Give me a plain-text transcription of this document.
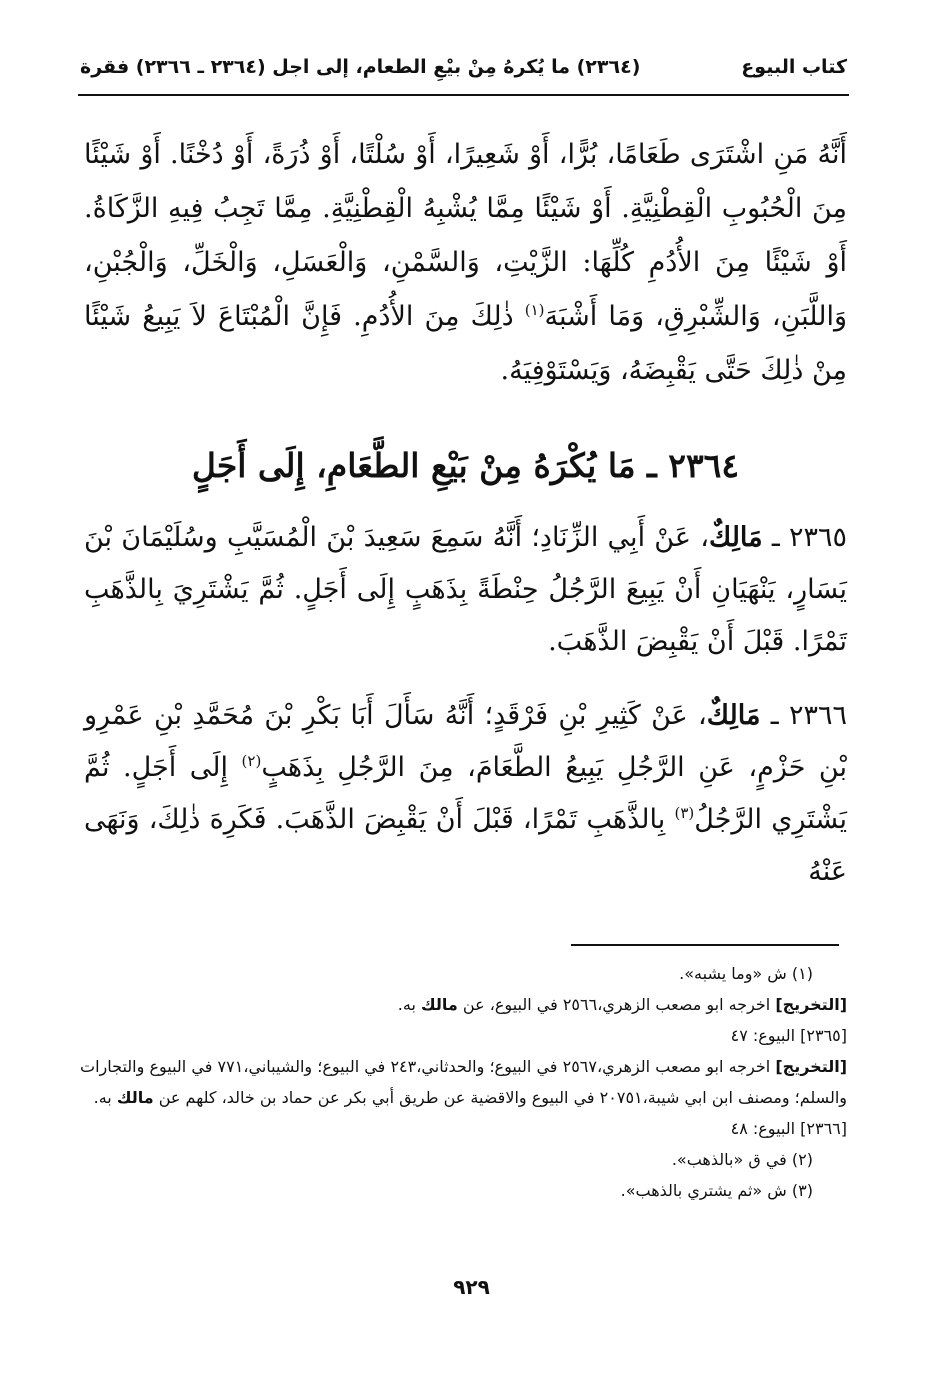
كتاب البيوع
(٢٣٦٤) ما يُكرهُ مِنْ بيْعِ الطعام، إلى اجل (٢٣٦٤ ـ ٢٣٦٦) فقرة

أَنَّهُ مَنِ اشْتَرَى طَعَامًا، بُرًّا، أَوْ شَعِيرًا، أَوْ سُلْتًا، أَوْ ذُرَةً، أَوْ دُخْنًا. أَوْ شَيْئًا مِنَ الْحُبُوبِ الْقِطْنِيَّةِ. أَوْ شَيْئًا مِمَّا يُشْبِهُ الْقِطْنِيَّةِ. مِمَّا تَجِبُ فِيهِ الزَّكَاةُ. أَوْ شَيْئًا مِنَ الأُدُمِ كُلِّهَا: الزَّيْتِ، وَالسَّمْنِ، وَالْعَسَلِ، وَالْخَلِّ، وَالْجُبْنِ، وَاللَّبَنِ، وَالشِّبْرِقِ، وَمَا أَشْبَهَ$^{(١)}$ ذٰلِكَ مِنَ الأُدُمِ. فَإِنَّ الْمُبْتَاعَ لاَ يَبِيعُ شَيْئًا مِنْ ذٰلِكَ حَتَّى يَقْبِضَهُ، وَيَسْتَوْفِيَهُ.

٢٣٦٤ ـ مَا يُكْرَهُ مِنْ بَيْعِ الطَّعَامِ، إِلَى أَجَلٍ
٢٣٦٥ ـ مَالِكٌ، عَنْ أَبِي الزِّنَادِ؛ أَنَّهُ سَمِعَ سَعِيدَ بْنَ الْمُسَيَّبِ وسُلَيْمَانَ بْنَ يَسَارٍ، يَنْهَيَانِ أَنْ يَبِيعَ الرَّجُلُ حِنْطَةً بِذَهَبٍ إِلَى أَجَلٍ. ثُمَّ يَشْتَرِيَ بِالذَّهَبِ تَمْرًا. قَبْلَ أَنْ يَقْبِضَ الذَّهَبَ.
٢٣٦٦ ـ مَالِكٌ، عَنْ كَثِيرِ بْنِ فَرْقَدٍ؛ أَنَّهُ سَأَلَ أَبَا بَكْرِ بْنَ مُحَمَّدِ بْنِ عَمْرِو بْنِ حَزْمٍ، عَنِ الرَّجُلِ يَبِيعُ الطَّعَامَ، مِنَ الرَّجُلِ بِذَهَبٍ$^{(٢)}$ إِلَى أَجَلٍ. ثُمَّ يَشْتَرِي الرَّجُلُ$^{(٣)}$ بِالذَّهَبِ تَمْرًا، قَبْلَ أَنْ يَقْبِضَ الذَّهَبَ. فَكَرِهَ ذٰلِكَ، وَنَهَى عَنْهُ

(١) ش «وما يشبه».

[التخريج] اخرجه ابو مصعب الزهري،٢٥٦٦ في البيوع، عن مالك به.

[٢٣٦٥] البيوع: ٤٧

[التخريج] اخرجه ابو مصعب الزهري،٢٥٦٧ في البيوع؛ والحدثاني،٢٤٣ في البيوع؛ والشيباني،٧٧١ في البيوع والتجارات والسلم؛ ومصنف ابن ابي شيبة،٢٠٧٥١ في البيوع والاقضية عن طريق أبي بكر عن حماد بن خالد، كلهم عن مالك به.

[٢٣٦٦] البيوع: ٤٨

(٢) في ق «بالذهب».

(٣) ش «ثم يشتري بالذهب».

٩٢٩
